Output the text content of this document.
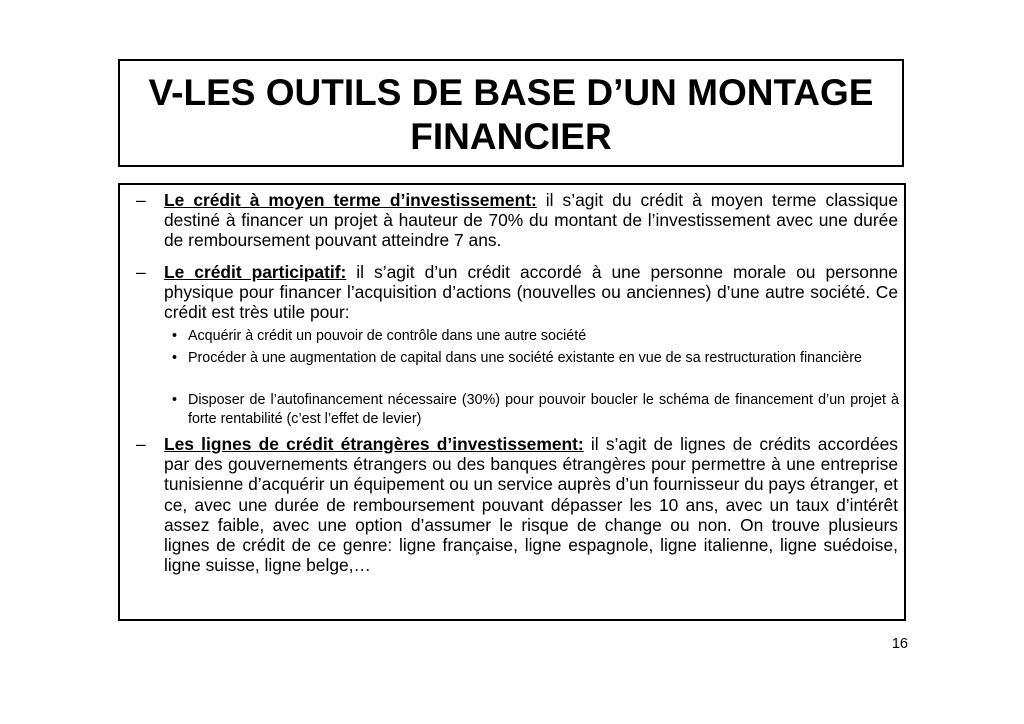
V-LES OUTILS DE BASE D’UN MONTAGE
FINANCIER
– Le crédit à moyen terme d’investissement: il s’agit du crédit à moyen terme classique destiné à financer un projet à hauteur de 70% du montant de l’investissement avec une durée de remboursement pouvant atteindre 7 ans.
– Le crédit participatif: il s’agit d’un crédit accordé à une personne morale ou personne physique pour financer l’acquisition d’actions (nouvelles ou anciennes) d’une autre société. Ce crédit est très utile pour:
• Acquérir à crédit un pouvoir de contrôle dans une autre société
• Procéder à une augmentation de capital dans une société existante en vue de sa restructuration financière
• Disposer de l’autofinancement nécessaire (30%) pour pouvoir boucler le schéma de financement d’un projet à forte rentabilité (c’est l’effet de levier)
– Les lignes de crédit étrangères d’investissement: il s’agit de lignes de crédits accordées par des gouvernements étrangers ou des banques étrangères pour permettre à une entreprise tunisienne d’acquérir un équipement ou un service auprès d’un fournisseur du pays étranger, et ce, avec une durée de remboursement pouvant dépasser les 10 ans, avec un taux d’intérêt assez faible, avec une option d’assumer le risque de change ou non. On trouve plusieurs lignes de crédit de ce genre: ligne française, ligne espagnole, ligne italienne, ligne suédoise, ligne suisse, ligne belge,…
16
